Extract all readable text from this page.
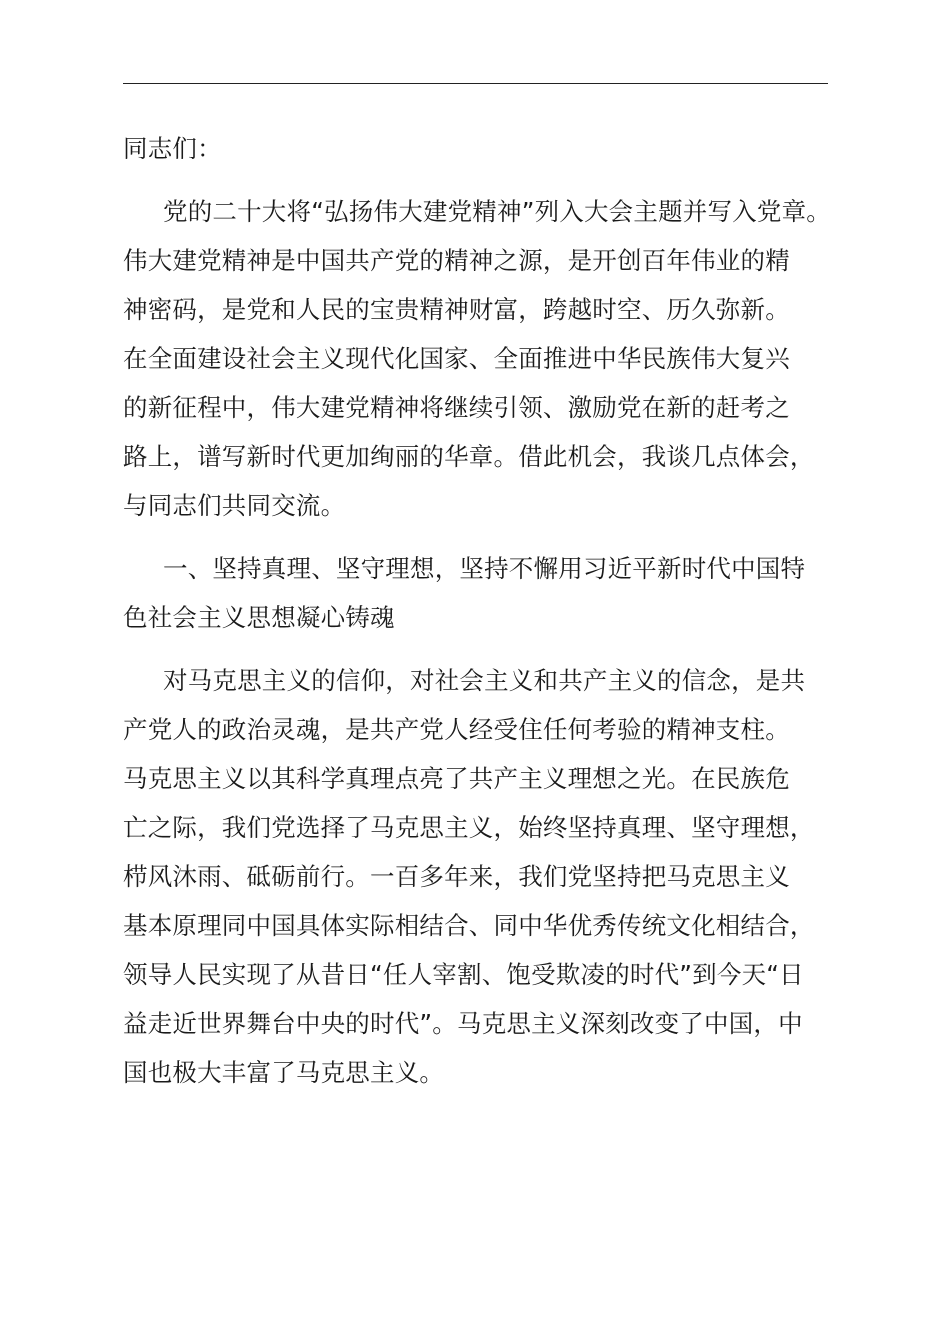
同志们：
党的二十大将“弘扬伟大建党精神”列入大会主题并写入党章。
伟大建党精神是中国共产党的精神之源，是开创百年伟业的精
神密码，是党和人民的宝贵精神财富，跨越时空、历久弥新。
在全面建设社会主义现代化国家、全面推进中华民族伟大复兴
的新征程中，伟大建党精神将继续引领、激励党在新的赶考之
路上，谱写新时代更加绚丽的华章。借此机会，我谈几点体会，
与同志们共同交流。
一、坚持真理、坚守理想，坚持不懈用习近平新时代中国特
色社会主义思想凝心铸魂
对马克思主义的信仰，对社会主义和共产主义的信念，是共
产党人的政治灵魂，是共产党人经受住任何考验的精神支柱。
马克思主义以其科学真理点亮了共产主义理想之光。在民族危
亡之际，我们党选择了马克思主义，始终坚持真理、坚守理想，
栉风沐雨、砥砺前行。一百多年来，我们党坚持把马克思主义
基本原理同中国具体实际相结合、同中华优秀传统文化相结合，
领导人民实现了从昔日“任人宰割、饱受欺凌的时代”到今天“日
益走近世界舞台中央的时代”。马克思主义深刻改变了中国，中
国也极大丰富了马克思主义。
